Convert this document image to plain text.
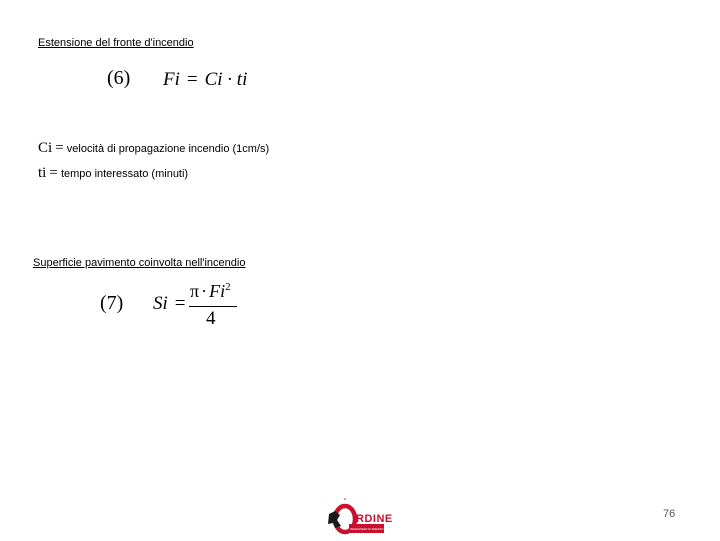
Estensione del fronte d'incendio
(6) Fi = Ci · ti
Ci = velocità di propagazione incendio (1cm/s)
ti = tempo interessato (minuti)
Superficie pavimento coinvolta nell'incendio
(7) Si =
$\pi \cdot Fi^2$
4
RDINE
INGEGNERI DI AREZZO
76
